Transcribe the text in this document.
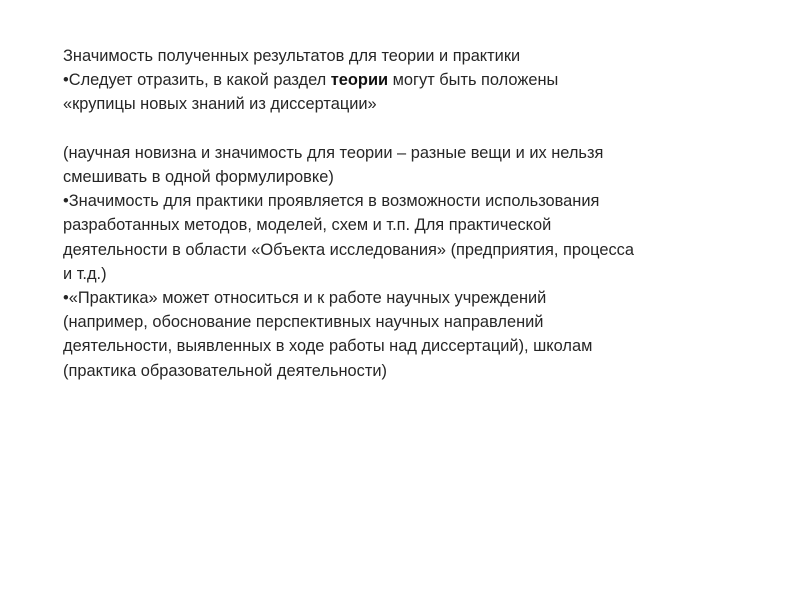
Значимость полученных результатов для теории и практики
•Следует отразить, в какой раздел теории могут быть положены
«крупицы новых знаний из диссертации»
(научная новизна и значимость для теории – разные вещи и их нельзя
смешивать в одной формулировке)
•Значимость для практики проявляется в возможности использования
разработанных методов, моделей, схем и т.п. Для практической
деятельности в области «Объекта исследования» (предприятия, процесса
и т.д.)
•«Практика» может относиться и к работе научных учреждений
(например, обоснование перспективных научных направлений
деятельности, выявленных в ходе работы над диссертаций), школам
(практика образовательной деятельности)
